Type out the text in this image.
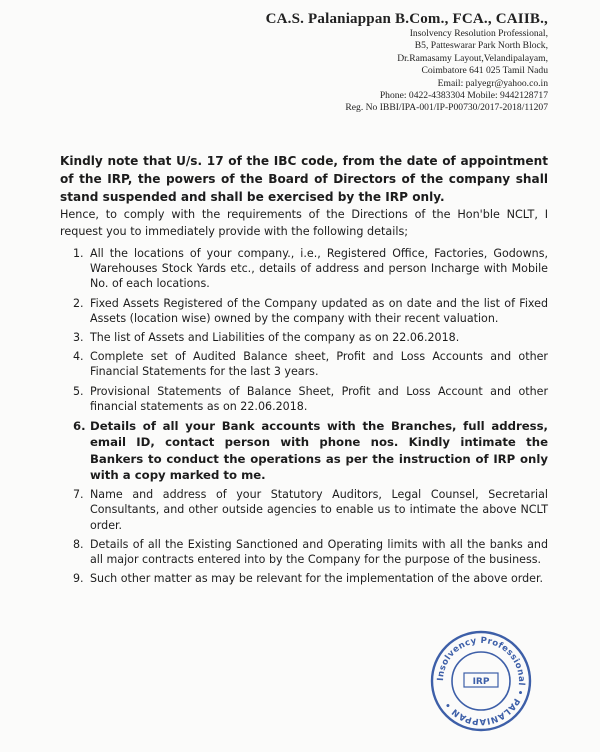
CA.S. Palaniappan B.Com., FCA., CAIIB.,
Insolvency Resolution Professional,
B5, Patteswarar Park North Block,
Dr.Ramasamy Layout,Velandipalayam,
Coimbatore 641 025 Tamil Nadu
Email: palyegr@yahoo.co.in
Phone: 0422-4383304 Mobile: 9442128717
Reg. No IBBI/IPA-001/IP-P00730/2017-2018/11207
Kindly note that U/s. 17 of the IBC code, from the date of appointment of the IRP, the powers of the Board of Directors of the company shall stand suspended and shall be exercised by the IRP only.
Hence, to comply with the requirements of the Directions of the Hon'ble NCLT, I request you to immediately provide with the following details;
1. All the locations of your company., i.e., Registered Office, Factories, Godowns, Warehouses Stock Yards etc., details of address and person Incharge with Mobile No. of each locations.
2. Fixed Assets Registered of the Company updated as on date and the list of Fixed Assets (location wise) owned by the company with their recent valuation.
3. The list of Assets and Liabilities of the company as on 22.06.2018.
4. Complete set of Audited Balance sheet, Profit and Loss Accounts and other Financial Statements for the last 3 years.
5. Provisional Statements of Balance Sheet, Profit and Loss Account and other financial statements as on 22.06.2018.
6. Details of all your Bank accounts with the Branches, full address, email ID, contact person with phone nos. Kindly intimate the Bankers to conduct the operations as per the instruction of IRP only with a copy marked to me.
7. Name and address of your Statutory Auditors, Legal Counsel, Secretarial Consultants, and other outside agencies to enable us to intimate the above NCLT order.
8. Details of all the Existing Sanctioned and Operating limits with all the banks and all major contracts entered into by the Company for the purpose of the business.
9. Such other matter as may be relevant for the implementation of the above order.
Insolvency Professional • PALANIAPPAN •
IRP
